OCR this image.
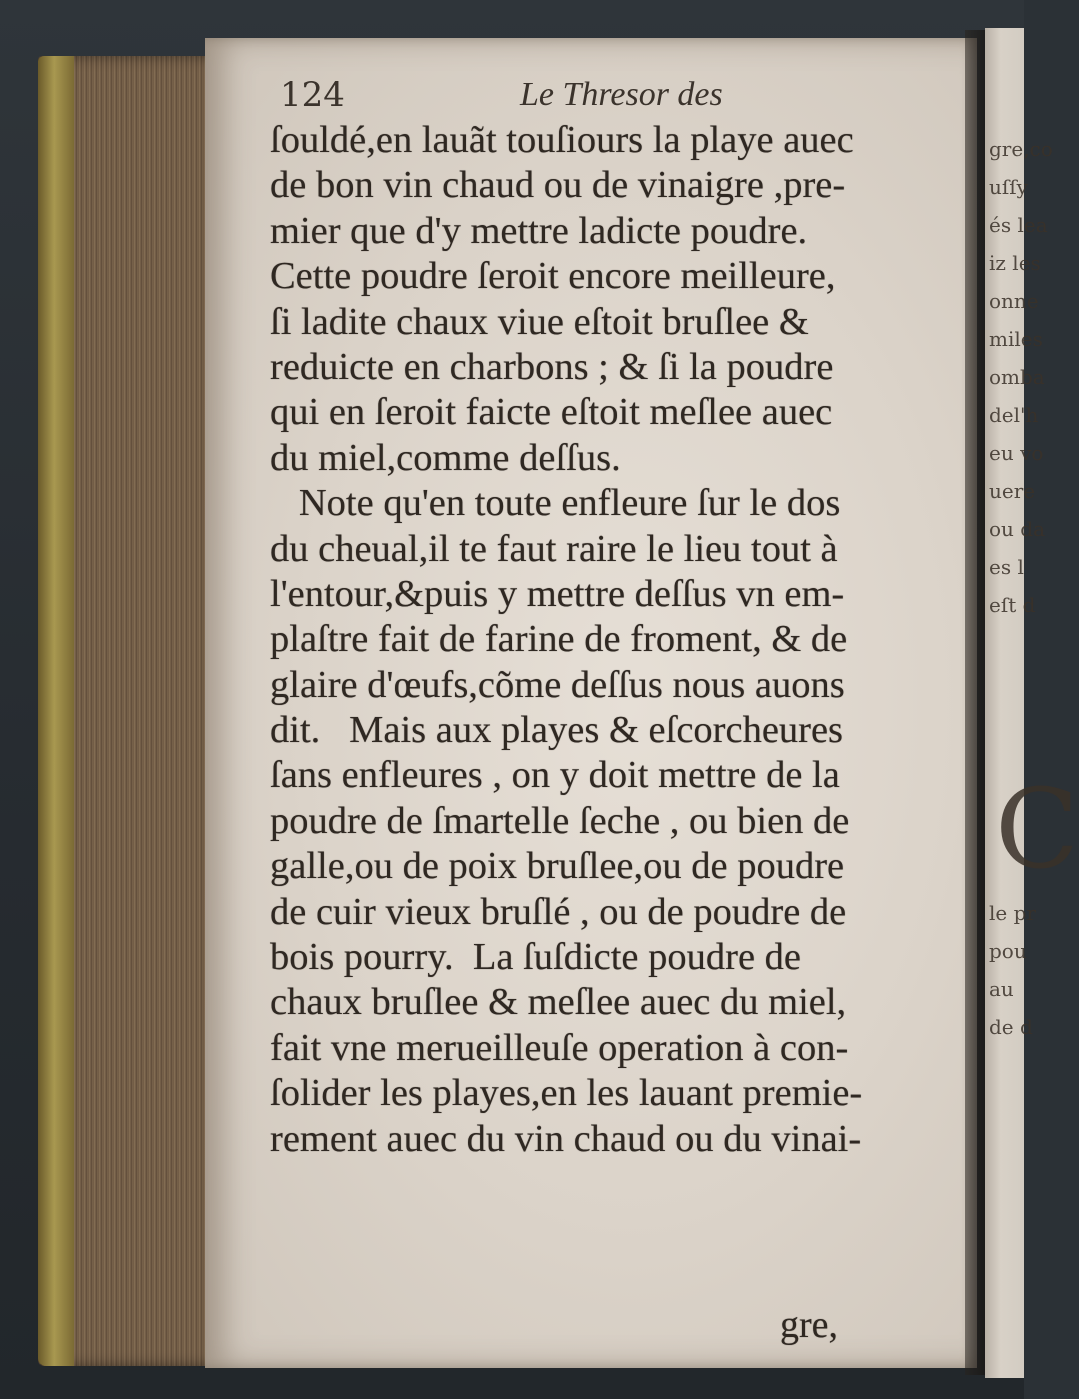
124	Le Thresor des
ſouldé,en lauãt touſiours la playe auec
de bon vin chaud ou de vinaigre ,pre-
mier que d'y mettre ladicte poudre.
Cette poudre ſeroit encore meilleure,
ſi ladite chaux viue eſtoit bruſlee &
reduicte en charbons ; & ſi la poudre
qui en ſeroit faicte eſtoit meſlee auec
du miel,comme deſſus.
Note qu'en toute enfleure ſur le dos
du cheual,il te faut raire le lieu tout à
l'entour,&puis y mettre deſſus vn em-
plaſtre fait de farine de froment, & de
glaire d'œufs,cõme deſſus nous auons
dit.   Mais aux playes & eſcorcheures
ſans enfleures , on y doit mettre de la
poudre de ſmartelle ſeche , ou bien de
galle,ou de poix bruſlee,ou de poudre
de cuir vieux bruſlé , ou de poudre de
bois pourry.  La ſuſdicte poudre de
chaux bruſlee & meſlee auec du miel,
fait vne merueilleuſe operation à con-
ſolider les playes,en les lauant premie-
rement auec du vin chaud ou du vinai-
gre,
gre,co
uſſy
és lea
iz les
onne
miles
omba
del'h
eu vo
uere
ou da
es l
eſt d
C
le pr
pou
au
de d
